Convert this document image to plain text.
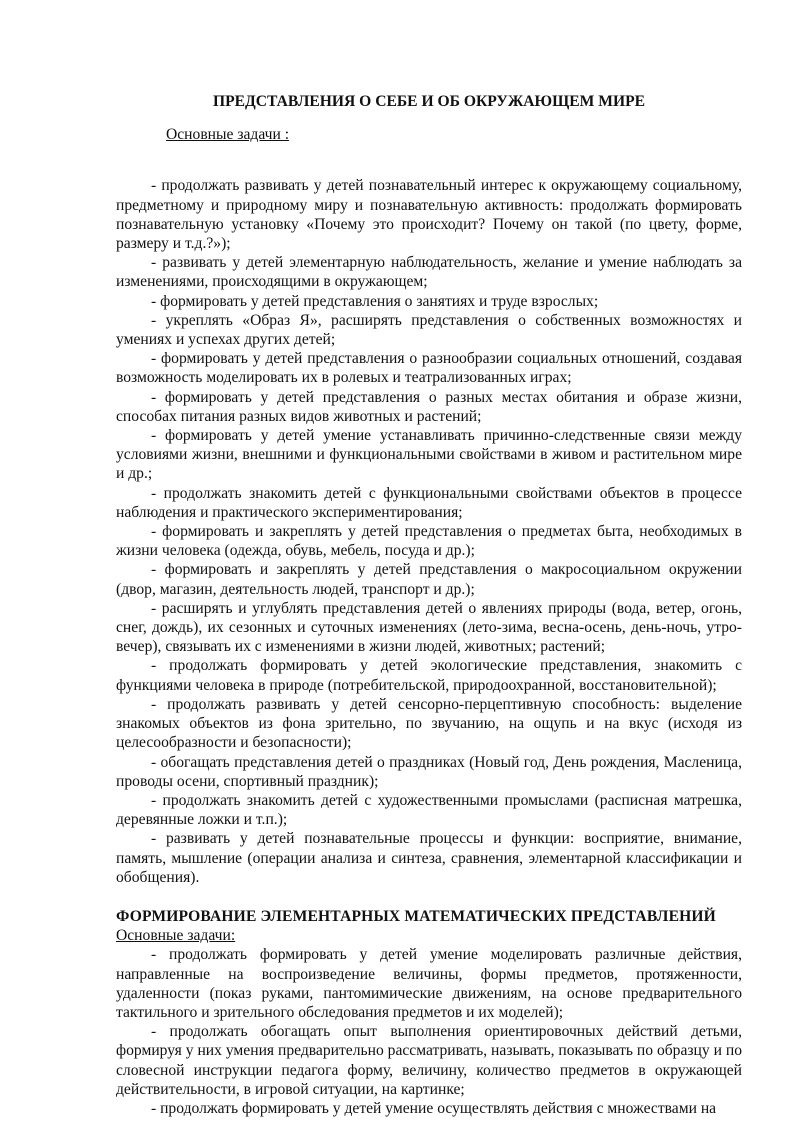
ПРЕДСТАВЛЕНИЯ О СЕБЕ И ОБ ОКРУЖАЮЩЕМ МИРЕ

Основные задачи :

- продолжать развивать у детей познавательный интерес к окружающему социальному, предметному и природному миру и познавательную активность: продолжать формировать познавательную установку «Почему это происходит? Почему он такой (по цвету, форме, размеру и т.д.?»);

- развивать у детей элементарную наблюдательность, желание и умение наблюдать за изменениями, происходящими в окружающем;

- формировать у детей представления о занятиях и труде взрослых;

- укреплять «Образ Я», расширять представления о собственных возможностях и умениях и успехах других детей;

- формировать у детей представления о разнообразии социальных отношений, создавая возможность моделировать их в ролевых и театрализованных играх;

- формировать у детей представления о разных местах обитания и образе жизни, способах питания разных видов животных и растений;

- формировать у детей умение устанавливать причинно-следственные связи между условиями жизни, внешними и функциональными свойствами в живом и растительном мире и др.;

- продолжать знакомить детей с функциональными свойствами объектов в процессе наблюдения и практического экспериментирования;

- формировать и закреплять у детей представления о предметах быта, необходимых в жизни человека (одежда, обувь, мебель, посуда и др.);

- формировать и закреплять у детей представления о макросоциальном окружении (двор, магазин, деятельность людей, транспорт и др.);

- расширять и углублять представления детей о явлениях природы (вода, ветер, огонь, снег, дождь), их сезонных и суточных изменениях (лето-зима, весна-осень, день-ночь, утро-вечер), связывать их с изменениями в жизни людей, животных; растений;

- продолжать формировать у детей экологические представления, знакомить с функциями человека в природе (потребительской, природоохранной, восстановительной);

- продолжать развивать у детей сенсорно-перцептивную способность: выделение знакомых объектов из фона зрительно, по звучанию, на ощупь и на вкус (исходя из целесообразности и безопасности);

- обогащать представления детей о праздниках (Новый год, День рождения, Масленица, проводы осени, спортивный праздник);

- продолжать знакомить детей с художественными промыслами (расписная матрешка, деревянные ложки и т.п.);

- развивать у детей познавательные процессы и функции: восприятие, внимание, память, мышление (операции анализа и синтеза, сравнения, элементарной классификации и обобщения).

ФОРМИРОВАНИЕ ЭЛЕМЕНТАРНЫХ МАТЕМАТИЧЕСКИХ ПРЕДСТАВЛЕНИЙ

Основные задачи:

- продолжать формировать у детей умение моделировать различные действия, направленные на воспроизведение величины, формы предметов, протяженности, удаленности (показ руками, пантомимические движениям, на основе предварительного тактильного и зрительного обследования предметов и их моделей);

- продолжать обогащать опыт выполнения ориентировочных действий детьми, формируя у них умения предварительно рассматривать, называть, показывать по образцу и по словесной инструкции педагога форму, величину, количество предметов в окружающей действительности, в игровой ситуации, на картинке;

- продолжать формировать у детей умение осуществлять действия с множествами на
